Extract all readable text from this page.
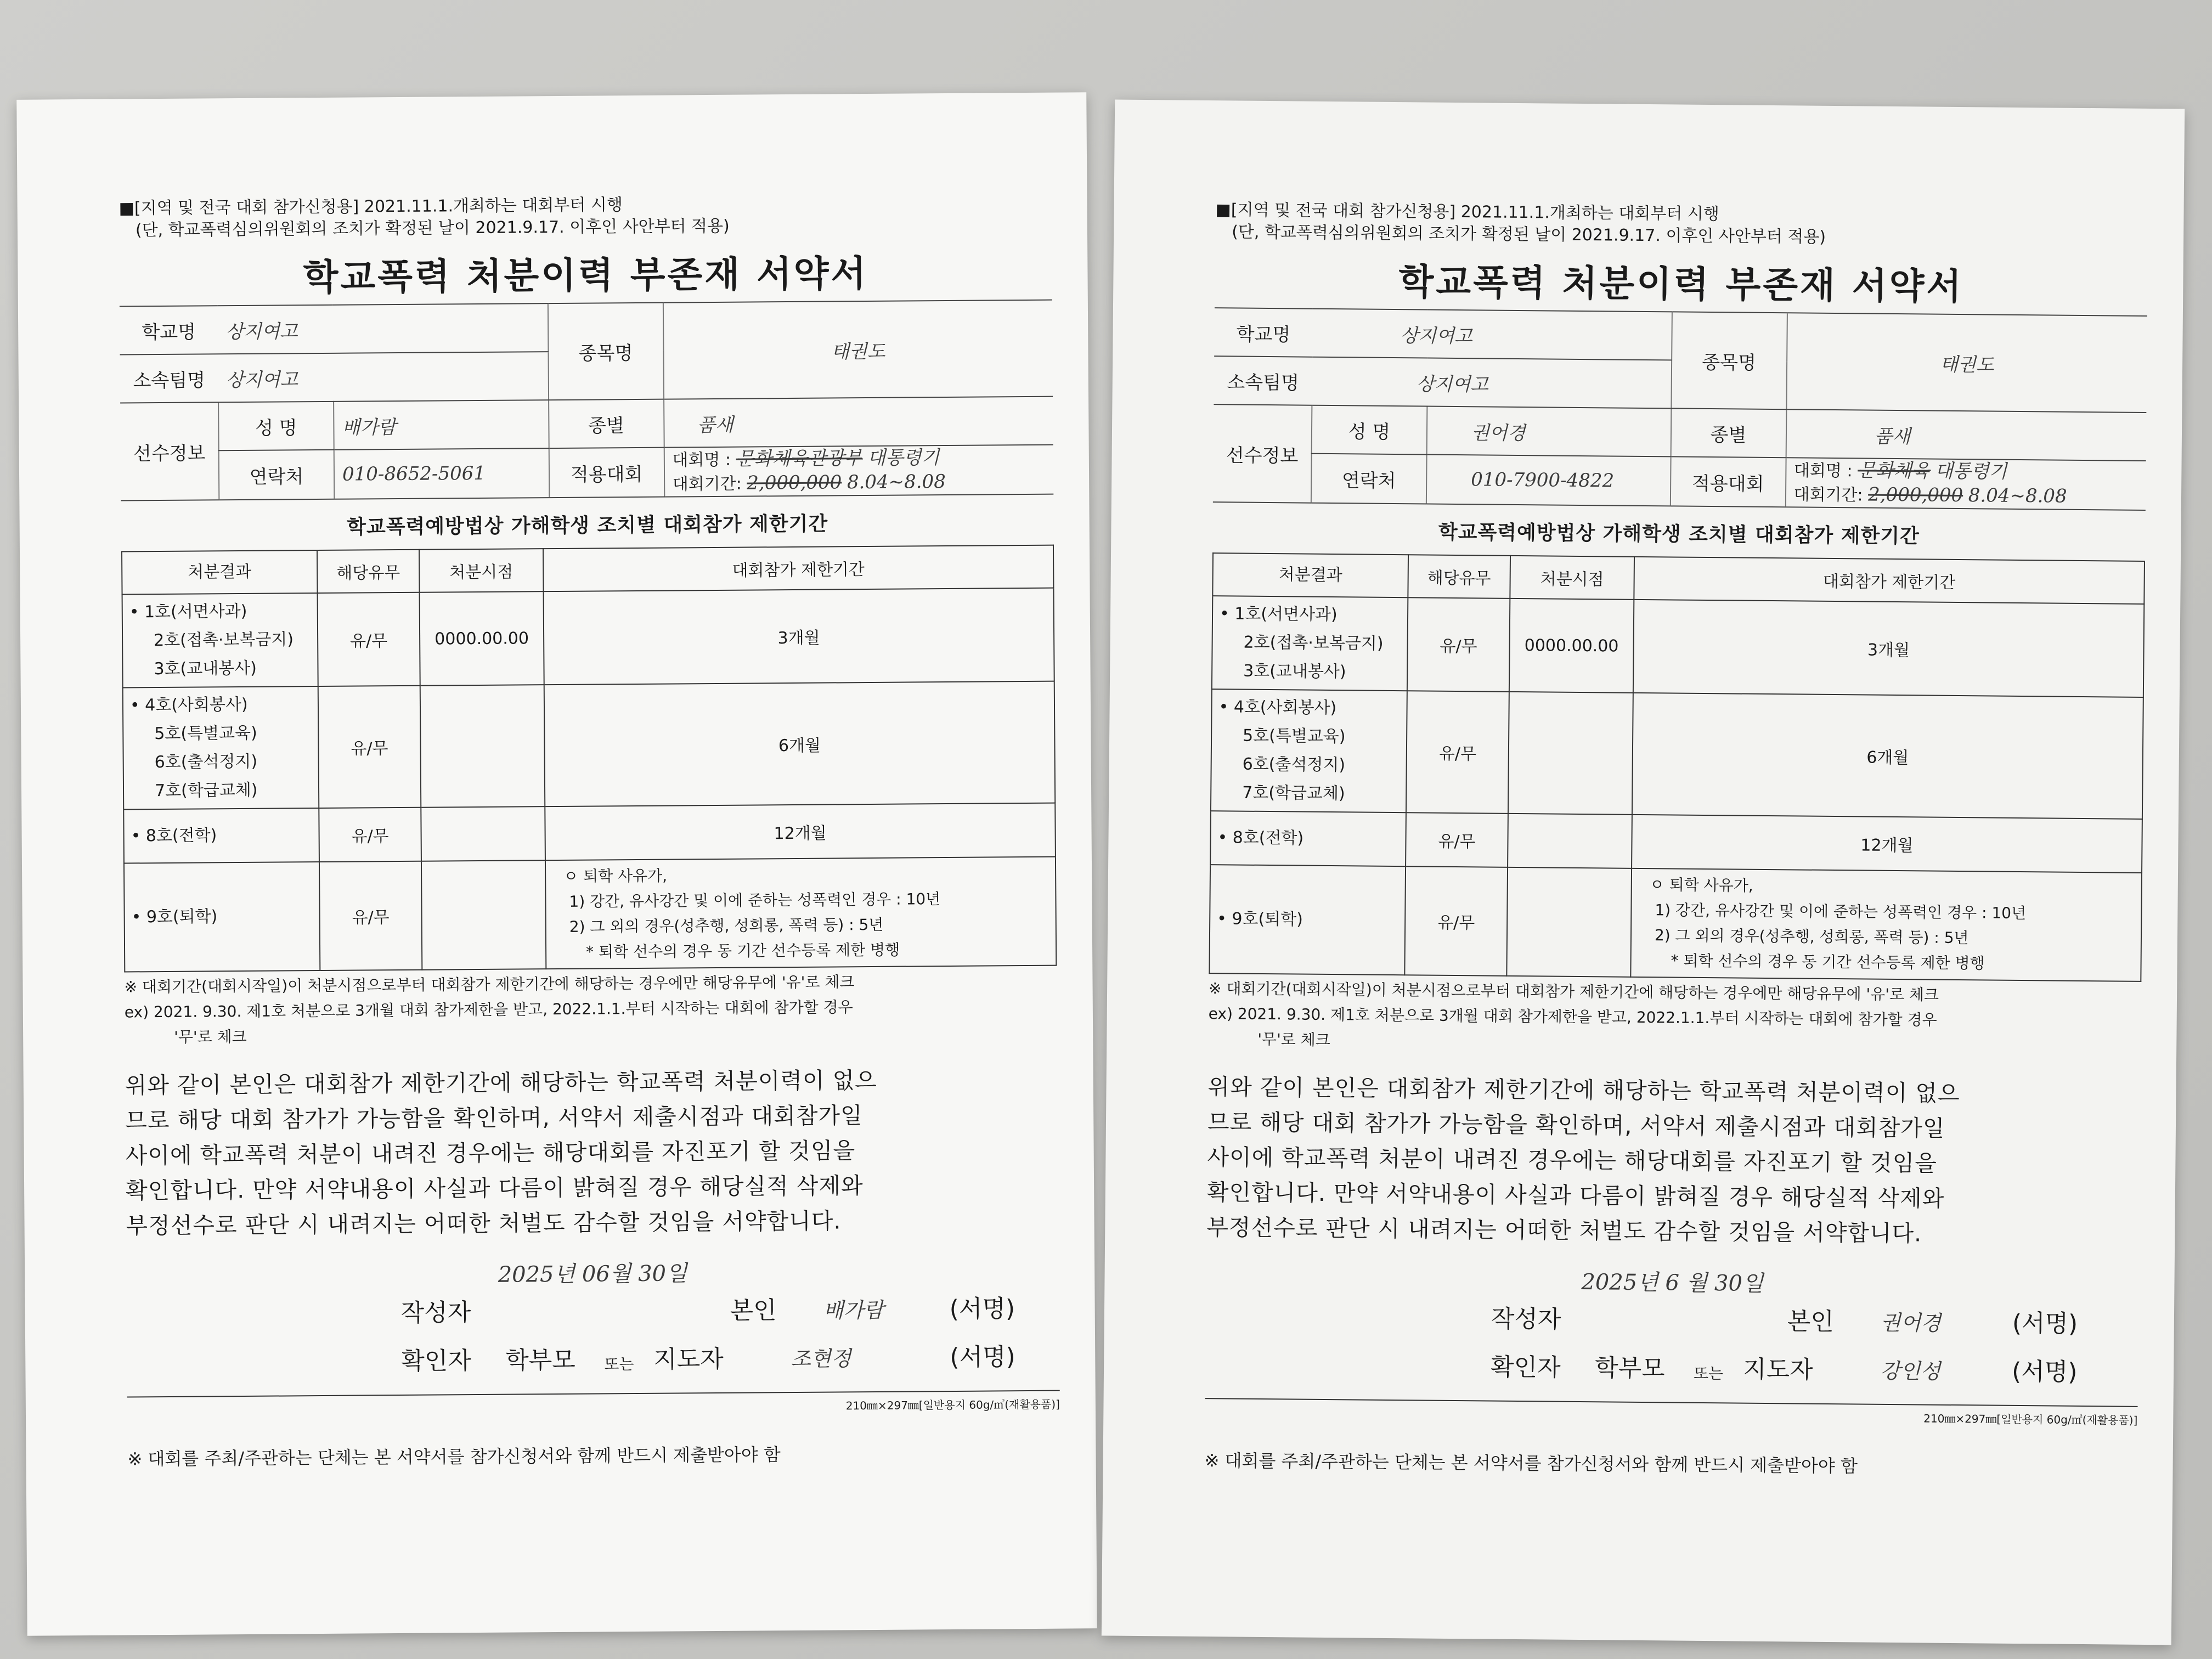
■[지역 및 전국 대회 참가신청용] 2021.11.1.개최하는 대회부터 시행
(단, 학교폭력심의위원회의 조치가 확정된 날이 2021.9.17. 이후인 사안부터 적용)
학교폭력 처분이력 부존재 서약서
학교명	상지여고		종목명	태권도
소속팀명	상지여고			
선수정보	성 명	배가람	종별	품새
	연락처	010-8652-5061	적용대회	대회명 : 문화체육관광부 대통령기
대회기간: 2,000,000 8.04~8.08
학교폭력예방법상 가해학생 조치별 대회참가 제한기간
처분결과	해당유무	처분시점	대회참가 제한기간

• 1호(서면사과)
2호(접촉·보복금지)
3호(교내봉사)	유/무	0000.00.00	3개월

• 4호(사회봉사)
5호(특별교육)
6호(출석정지)
7호(학급교체)	유/무		6개월

• 8호(전학)	유/무		12개월

• 9호(퇴학)	유/무		ㅇ 퇴학 사유가,
1) 강간, 유사강간 및 이에 준하는 성폭력인 경우 : 10년
2) 그 외의 경우(성추행, 성희롱, 폭력 등) : 5년
* 퇴학 선수의 경우 동 기간 선수등록 제한 병행
※ 대회기간(대회시작일)이 처분시점으로부터 대회참가 제한기간에 해당하는 경우에만 해당유무에 '유'로 체크
ex) 2021. 9.30. 제1호 처분으로 3개월 대회 참가제한을 받고, 2022.1.1.부터 시작하는 대회에 참가할 경우
'무'로 체크
위와 같이 본인은 대회참가 제한기간에 해당하는 학교폭력 처분이력이 없으
므로 해당 대회 참가가 가능함을 확인하며, 서약서 제출시점과 대회참가일
사이에 학교폭력 처분이 내려진 경우에는 해당대회를 자진포기 할 것임을
확인합니다. 만약 서약내용이 사실과 다름이 밝혀질 경우 해당실적 삭제와
부정선수로 판단 시 내려지는 어떠한 처벌도 감수할 것임을 서약합니다.
2025년 06월 30일
작성자	본인 배가람	(서명)
확인자 학부모 또는 지도자	조현정	(서명)
210㎜×297㎜[일반용지 60g/㎡(재활용품)]
※ 대회를 주최/주관하는 단체는 본 서약서를 참가신청서와 함께 반드시 제출받아야 함
■[지역 및 전국 대회 참가신청용] 2021.11.1.개최하는 대회부터 시행
(단, 학교폭력심의위원회의 조치가 확정된 날이 2021.9.17. 이후인 사안부터 적용)
학교폭력 처분이력 부존재 서약서
학교명	상지여고		종목명	태권도
소속팀명	상지여고			
선수정보	성 명	권어경	종별	품새
	연락처	010-7900-4822	적용대회	대회명 : 문화체육 대통령기
대회기간: 2,000,000 8.04~8.08
학교폭력예방법상 가해학생 조치별 대회참가 제한기간
처분결과	해당유무	처분시점	대회참가 제한기간

• 1호(서면사과)
2호(접촉·보복금지)
3호(교내봉사)	유/무	0000.00.00	3개월

• 4호(사회봉사)
5호(특별교육)
6호(출석정지)
7호(학급교체)	유/무		6개월

• 8호(전학)	유/무		12개월

• 9호(퇴학)	유/무		ㅇ 퇴학 사유가,
1) 강간, 유사강간 및 이에 준하는 성폭력인 경우 : 10년
2) 그 외의 경우(성추행, 성희롱, 폭력 등) : 5년
* 퇴학 선수의 경우 동 기간 선수등록 제한 병행
※ 대회기간(대회시작일)이 처분시점으로부터 대회참가 제한기간에 해당하는 경우에만 해당유무에 '유'로 체크
ex) 2021. 9.30. 제1호 처분으로 3개월 대회 참가제한을 받고, 2022.1.1.부터 시작하는 대회에 참가할 경우
'무'로 체크
위와 같이 본인은 대회참가 제한기간에 해당하는 학교폭력 처분이력이 없으
므로 해당 대회 참가가 가능함을 확인하며, 서약서 제출시점과 대회참가일
사이에 학교폭력 처분이 내려진 경우에는 해당대회를 자진포기 할 것임을
확인합니다. 만약 서약내용이 사실과 다름이 밝혀질 경우 해당실적 삭제와
부정선수로 판단 시 내려지는 어떠한 처벌도 감수할 것임을 서약합니다.
2025년 6 월 30일
작성자	본인 권어경	(서명)
확인자 학부모 또는 지도자	강인성	(서명)
210㎜×297㎜[일반용지 60g/㎡(재활용품)]
※ 대회를 주최/주관하는 단체는 본 서약서를 참가신청서와 함께 반드시 제출받아야 함
